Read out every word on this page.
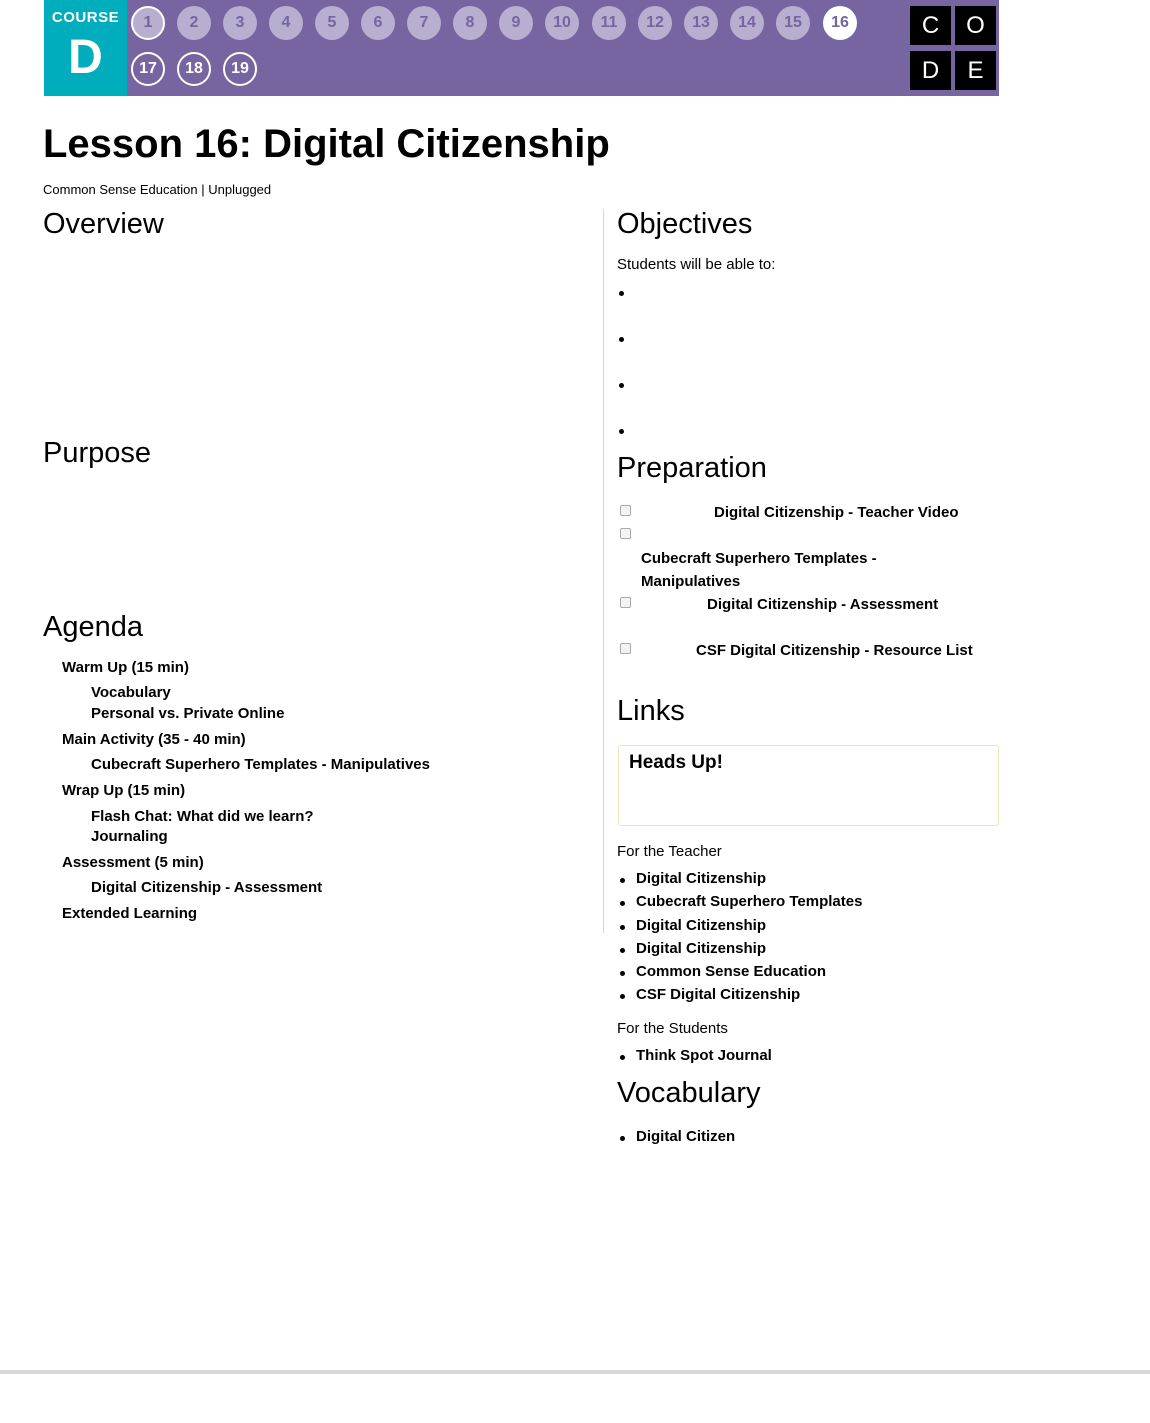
COURSE
D
1	2	3	4	5	6	7	8	9	10	11	12	13	14	15	16
17	18	19
C	O
D	E
Lesson 16: Digital Citizenship
Common Sense Education | Unplugged
Overview
Purpose
Agenda
Warm Up (15 min)
Vocabulary
Personal vs. Private Online
Main Activity (35 - 40 min)
Cubecraft Superhero Templates - Manipulatives
Wrap Up (15 min)
Flash Chat: What did we learn?
Journaling
Assessment (5 min)
Digital Citizenship - Assessment
Extended Learning
Objectives
Students will be able to:
Preparation
Digital Citizenship - Teacher Video
Cubecraft Superhero Templates - Manipulatives
Digital Citizenship - Assessment
CSF Digital Citizenship - Resource List
Links
Heads Up!
For the Teacher
Digital Citizenship
Cubecraft Superhero Templates
Digital Citizenship
Digital Citizenship
Common Sense Education
CSF Digital Citizenship
For the Students
Think Spot Journal
Vocabulary
Digital Citizen
